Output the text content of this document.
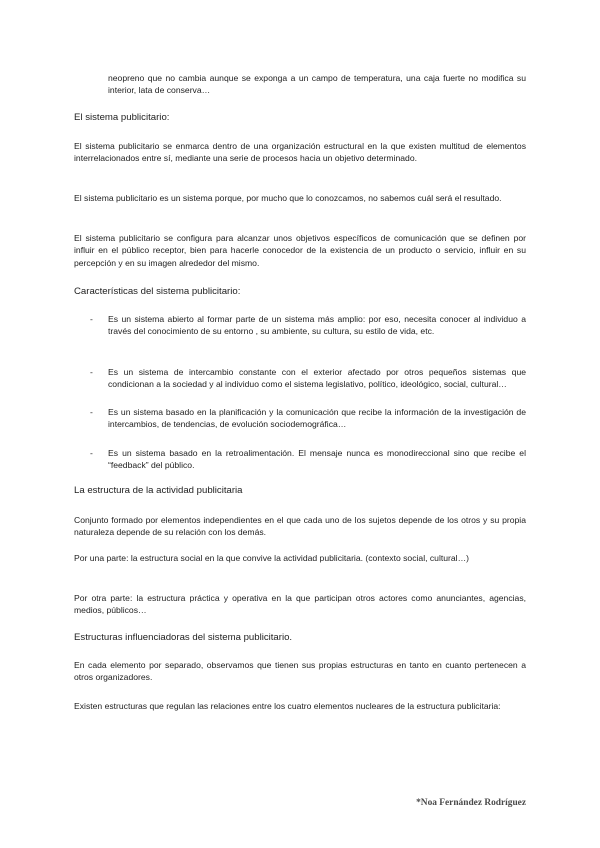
neopreno que no cambia aunque se exponga a un campo de temperatura, una caja fuerte no modifica su interior, lata de conserva…

El sistema publicitario:

El sistema publicitario se enmarca dentro de una organización estructural en la que existen multitud de elementos interrelacionados entre sí, mediante una serie de procesos hacia un objetivo determinado.

El sistema publicitario es un sistema porque, por mucho que lo conozcamos, no sabemos cuál será el resultado.

El sistema publicitario se configura para alcanzar unos objetivos específicos de comunicación que se definen por influir en el público receptor, bien para hacerle conocedor de la existencia de un producto o servicio, influir en su percepción y en su imagen alrededor del mismo.

Características del sistema publicitario:

- Es un sistema abierto al formar parte de un sistema más amplio: por eso, necesita conocer al individuo a través del conocimiento de su entorno , su ambiente, su cultura, su estilo de vida, etc.

- Es un sistema de intercambio constante con el exterior afectado por otros pequeños sistemas que condicionan a la sociedad y al individuo como el sistema legislativo, político, ideológico, social, cultural…

- Es un sistema basado en la planificación y la comunicación que recibe la información de la investigación de intercambios, de tendencias, de evolución sociodemográfica…

- Es un sistema basado en la retroalimentación. El mensaje nunca es monodireccional sino que recibe el “feedback” del público.

La estructura de la actividad publicitaria

Conjunto formado por elementos independientes en el que cada uno de los sujetos depende de los otros y su propia naturaleza depende de su relación con los demás.

Por una parte: la estructura social en la que convive la actividad publicitaria. (contexto social, cultural…)

Por otra parte: la estructura práctica y operativa en la que participan otros actores como anunciantes, agencias, medios, públicos…

Estructuras influenciadoras del sistema publicitario.

En cada elemento por separado, observamos que tienen sus propias estructuras en tanto en cuanto pertenecen a otros organizadores.

Existen estructuras que regulan las relaciones entre los cuatro elementos nucleares de la estructura publicitaria:

*Noa Fernández Rodríguez
